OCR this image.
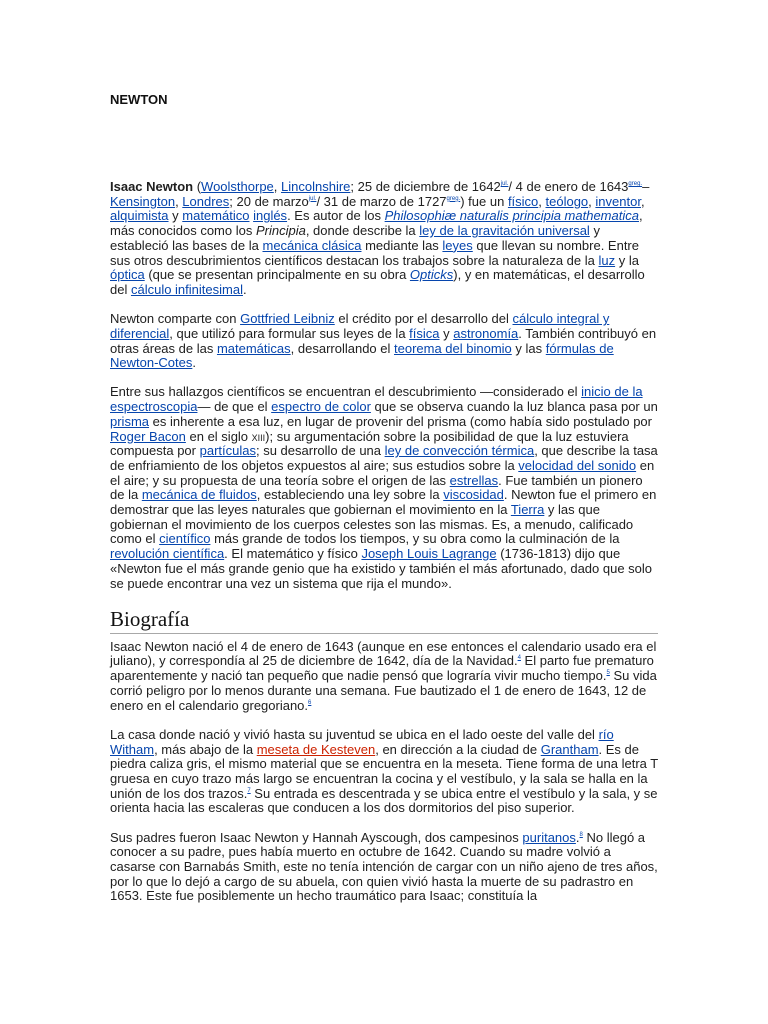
NEWTON

Isaac Newton (Woolsthorpe, Lincolnshire; 25 de diciembre de $1642^{jul.}/$ 4 de enero de $1643^{greg.}$–Kensington, Londres; 20 de marzo$^{jul.}$/ 31 de marzo de $1727^{greg.}$) fue un físico, teólogo, inventor, alquimista y matemático inglés. Es autor de los Philosophiæ naturalis principia mathematica, más conocidos como los Principia, donde describe la ley de la gravitación universal y estableció las bases de la mecánica clásica mediante las leyes que llevan su nombre. Entre sus otros descubrimientos científicos destacan los trabajos sobre la naturaleza de la luz y la óptica (que se presentan principalmente en su obra Opticks), y en matemáticas, el desarrollo del cálculo infinitesimal.

Newton comparte con Gottfried Leibniz el crédito por el desarrollo del cálculo integral y diferencial, que utilizó para formular sus leyes de la física y astronomía. También contribuyó en otras áreas de las matemáticas, desarrollando el teorema del binomio y las fórmulas de Newton-Cotes.

Entre sus hallazgos científicos se encuentran el descubrimiento —considerado el inicio de la espectroscopia— de que el espectro de color que se observa cuando la luz blanca pasa por un prisma es inherente a esa luz, en lugar de provenir del prisma (como había sido postulado por Roger Bacon en el siglo xiii); su argumentación sobre la posibilidad de que la luz estuviera compuesta por partículas; su desarrollo de una ley de convección térmica, que describe la tasa de enfriamiento de los objetos expuestos al aire; sus estudios sobre la velocidad del sonido en el aire; y su propuesta de una teoría sobre el origen de las estrellas. Fue también un pionero de la mecánica de fluidos, estableciendo una ley sobre la viscosidad. Newton fue el primero en demostrar que las leyes naturales que gobiernan el movimiento en la Tierra y las que gobiernan el movimiento de los cuerpos celestes son las mismas. Es, a menudo, calificado como el científico más grande de todos los tiempos, y su obra como la culminación de la revolución científica. El matemático y físico Joseph Louis Lagrange (1736-1813) dijo que «Newton fue el más grande genio que ha existido y también el más afortunado, dado que solo se puede encontrar una vez un sistema que rija el mundo».

Biografía

Isaac Newton nació el 4 de enero de 1643 (aunque en ese entonces el calendario usado era el juliano), y correspondía al 25 de diciembre de 1642, día de la Navidad.$^4$ El parto fue prematuro aparentemente y nació tan pequeño que nadie pensó que lograría vivir mucho tiempo.$^5$ Su vida corrió peligro por lo menos durante una semana. Fue bautizado el 1 de enero de 1643, 12 de enero en el calendario gregoriano.$^6$

La casa donde nació y vivió hasta su juventud se ubica en el lado oeste del valle del río Witham, más abajo de la meseta de Kesteven, en dirección a la ciudad de Grantham. Es de piedra caliza gris, el mismo material que se encuentra en la meseta. Tiene forma de una letra T gruesa en cuyo trazo más largo se encuentran la cocina y el vestíbulo, y la sala se halla en la unión de los dos trazos.$^7$ Su entrada es descentrada y se ubica entre el vestíbulo y la sala, y se orienta hacia las escaleras que conducen a los dos dormitorios del piso superior.

Sus padres fueron Isaac Newton y Hannah Ayscough, dos campesinos puritanos.$^8$ No llegó a conocer a su padre, pues había muerto en octubre de 1642. Cuando su madre volvió a casarse con Barnabás Smith, este no tenía intención de cargar con un niño ajeno de tres años, por lo que lo dejó a cargo de su abuela, con quien vivió hasta la muerte de su padrastro en 1653. Este fue posiblemente un hecho traumático para Isaac; constituía la
